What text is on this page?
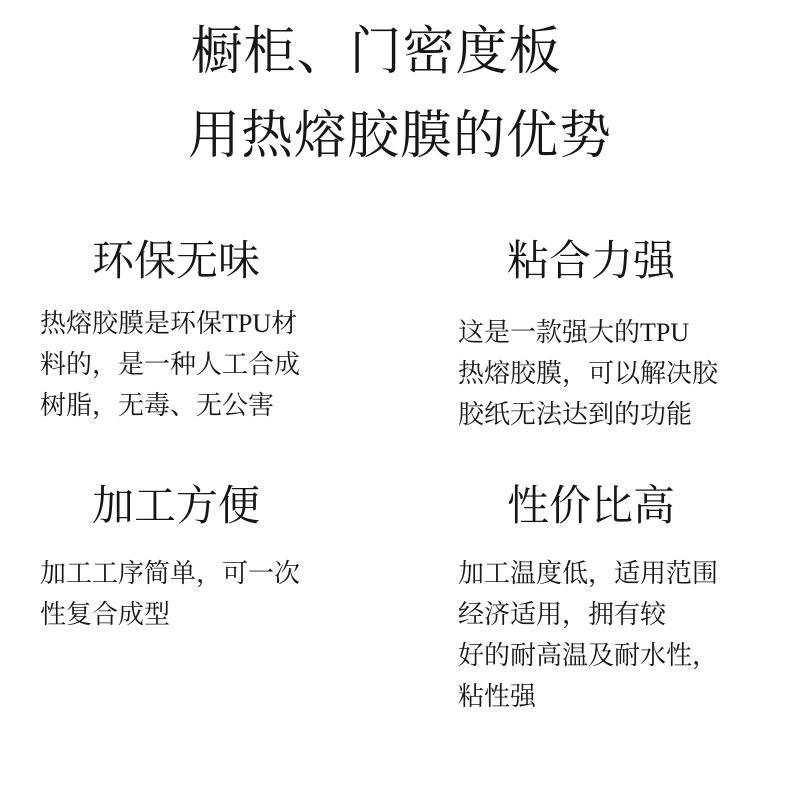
橱柜、门密度板
用热熔胶膜的优势
环保无味
热熔胶膜是环保TPU材
料的，是一种人工合成
树脂，无毒、无公害
粘合力强
这是一款强大的TPU
热熔胶膜，可以解决胶
胶纸无法达到的功能
加工方便
加工工序简单，可一次
性复合成型
性价比高
加工温度低，适用范围
经济适用，拥有较
好的耐高温及耐水性，
粘性强
